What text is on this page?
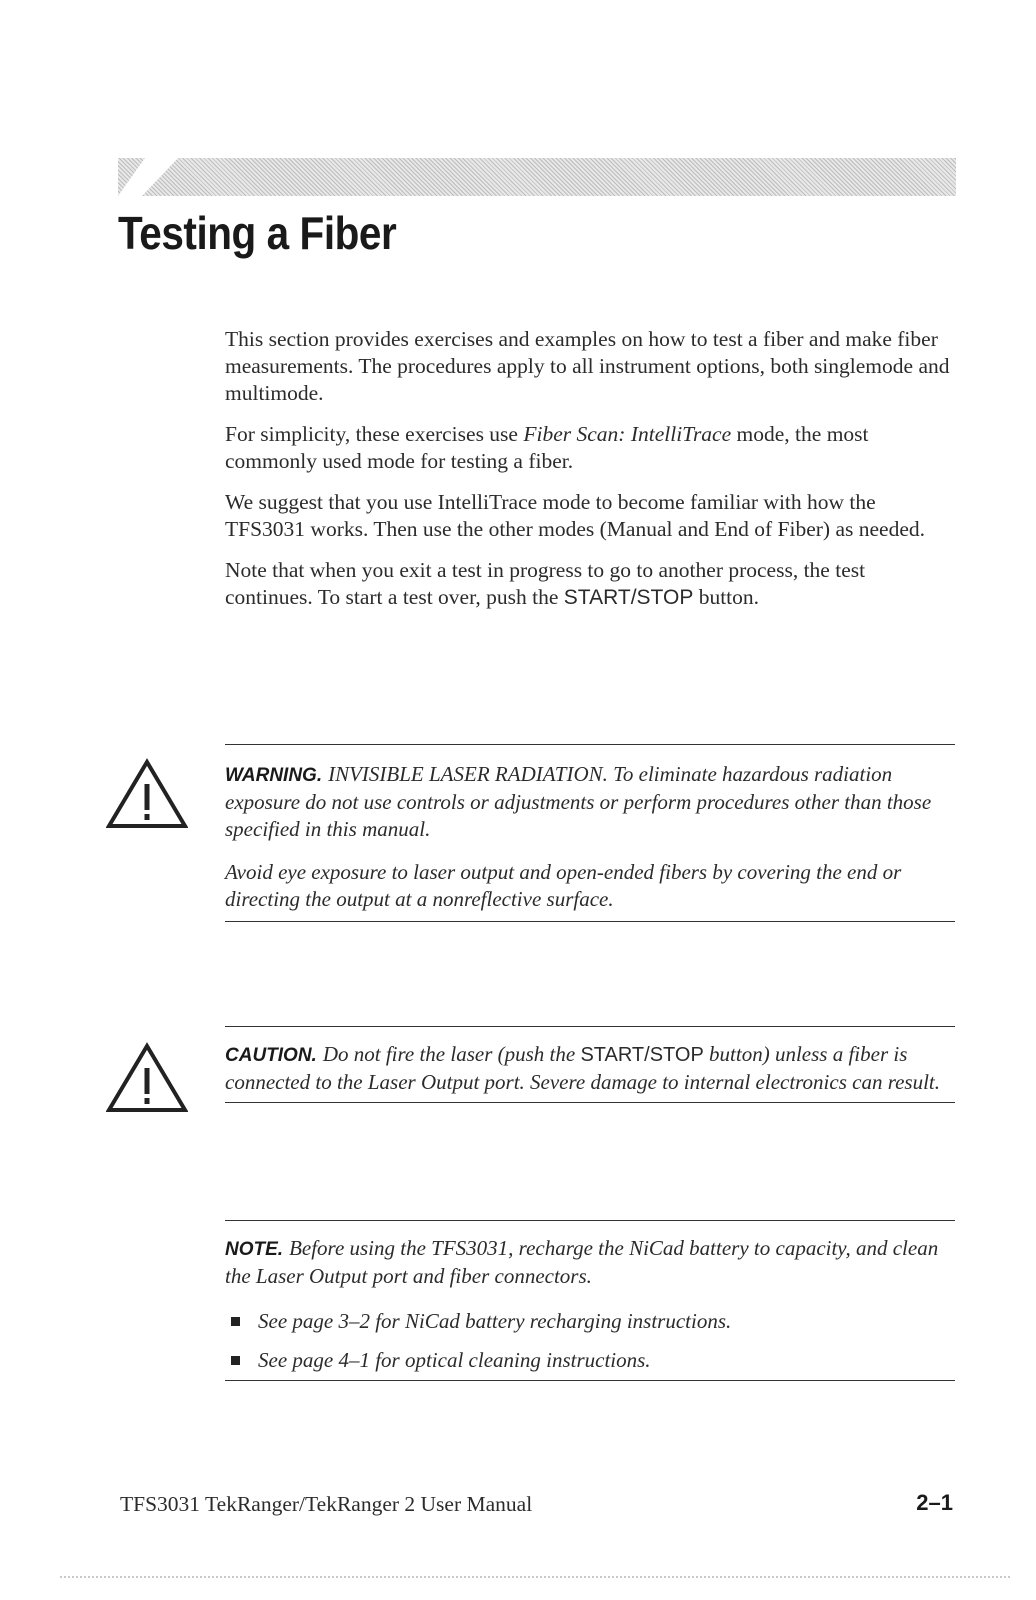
Testing a Fiber

This section provides exercises and examples on how to test a fiber and make fiber measurements. The procedures apply to all instrument options, both singlemode and multimode.

For simplicity, these exercises use Fiber Scan: IntelliTrace mode, the most commonly used mode for testing a fiber.

We suggest that you use IntelliTrace mode to become familiar with how the TFS3031 works. Then use the other modes (Manual and End of Fiber) as needed.

Note that when you exit a test in progress to go to another process, the test continues. To start a test over, push the START/STOP button.

WARNING. INVISIBLE LASER RADIATION. To eliminate hazardous radiation exposure do not use controls or adjustments or perform procedures other than those specified in this manual.

Avoid eye exposure to laser output and open-ended fibers by covering the end or directing the output at a nonreflective surface.

CAUTION. Do not fire the laser (push the START/STOP button) unless a fiber is connected to the Laser Output port. Severe damage to internal electronics can result.

NOTE. Before using the TFS3031, recharge the NiCad battery to capacity, and clean the Laser Output port and fiber connectors.

See page 3–2 for NiCad battery recharging instructions.

See page 4–1 for optical cleaning instructions.

TFS3031 TekRanger/TekRanger 2 User Manual	2–1
